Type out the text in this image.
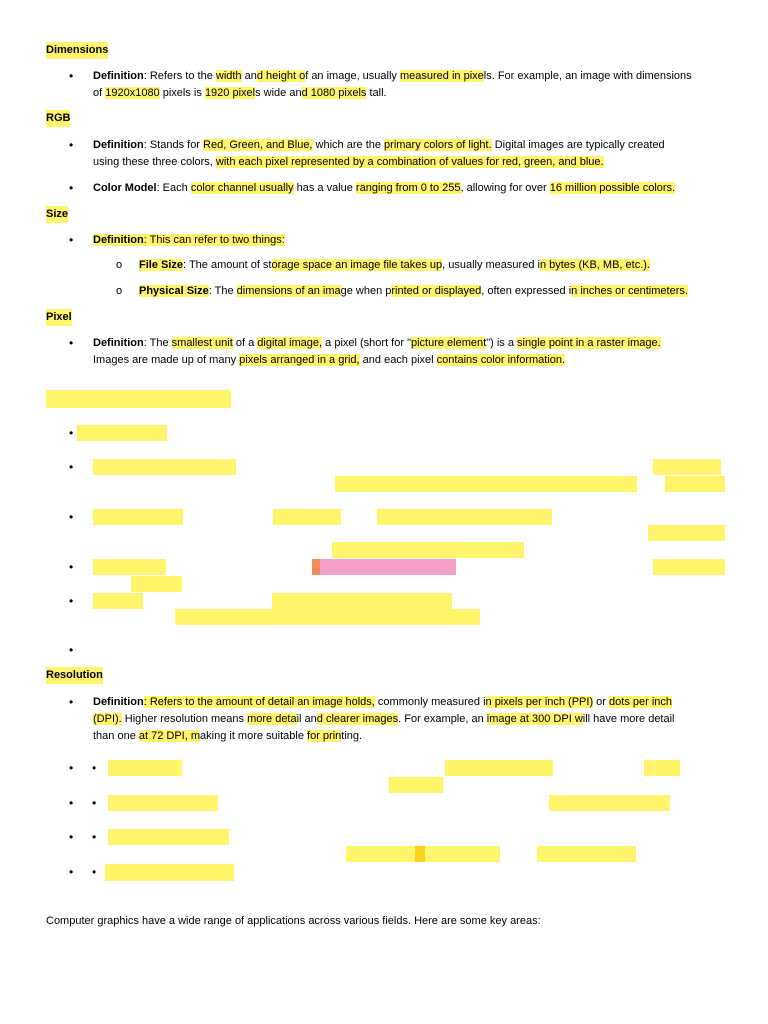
Dimensions
• Definition: Refers to the width and height of an image, usually measured in pixels. For example, an image with dimensions
of 1920x1080 pixels is 1920 pixels wide and 1080 pixels tall.
RGB
• Definition: Stands for Red, Green, and Blue, which are the primary colors of light. Digital images are typically created
using these three colors, with each pixel represented by a combination of values for red, green, and blue.
• Color Model: Each color channel usually has a value ranging from 0 to 255, allowing for over 16 million possible colors.
Size
• Definition: This can refer to two things:
o File Size: The amount of storage space an image file takes up, usually measured in bytes (KB, MB, etc.).
o Physical Size: The dimensions of an image when printed or displayed, often expressed in inches or centimeters.
Pixel
• Definition: The smallest unit of a digital image, a pixel (short for "picture element") is a single point in a raster image.
Images are made up of many pixels arranged in a grid, and each pixel contains color information.
•
•
•
•
•
•
Resolution
• Definition: Refers to the amount of detail an image holds, commonly measured in pixels per inch (PPI) or dots per inch
(DPI). Higher resolution means more detail and clearer images. For example, an image at 300 DPI will have more detail
than one at 72 DPI, making it more suitable for printing.
• •
• •
• •
• •
Computer graphics have a wide range of applications across various fields. Here are some key areas:
